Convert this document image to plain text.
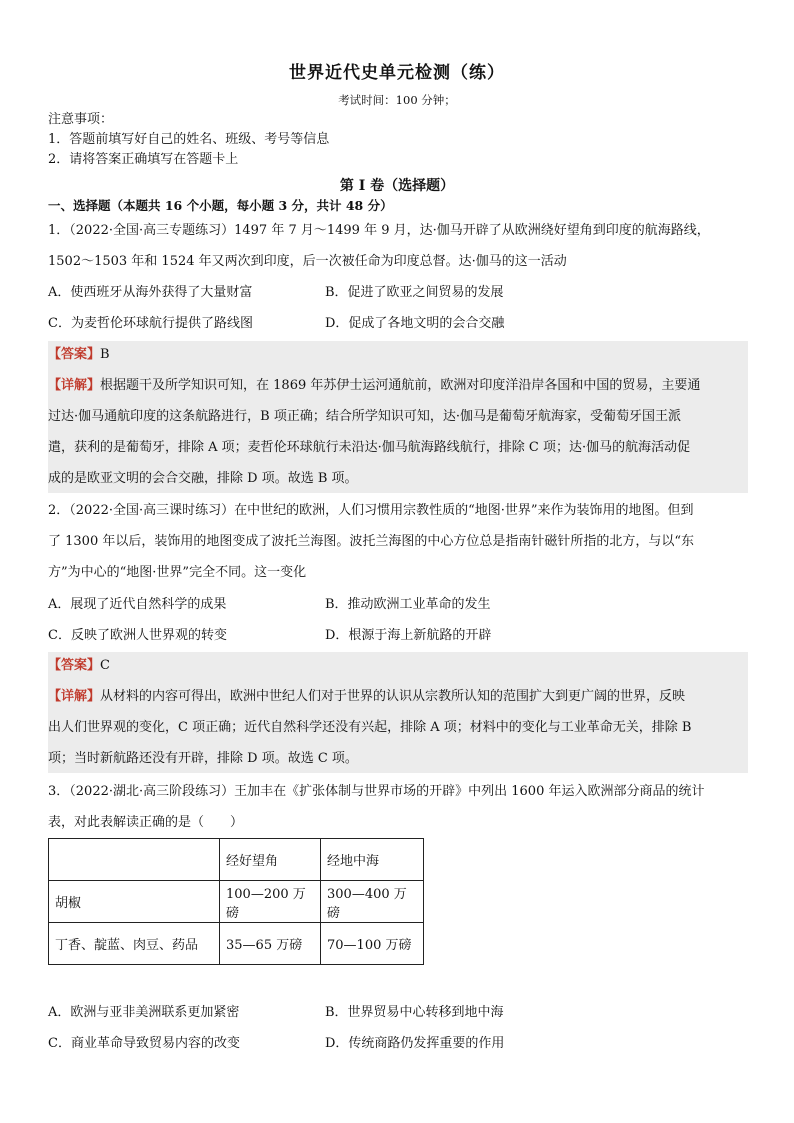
世界近代史单元检测（练）
考试时间：100 分钟；
注意事项：
1．答题前填写好自己的姓名、班级、考号等信息
2．请将答案正确填写在答题卡上
第 I 卷（选择题）
一、选择题（本题共 16 个小题，每小题 3 分，共计 48 分）
1．（2022·全国·高三专题练习）1497 年 7 月～1499 年 9 月，达·伽马开辟了从欧洲绕好望角到印度的航海路线，
1502～1503 年和 1524 年又两次到印度，后一次被任命为印度总督。达·伽马的这一活动
A．使西班牙从海外获得了大量财富	B．促进了欧亚之间贸易的发展
C．为麦哲伦环球航行提供了路线图	D．促成了各地文明的会合交融
【答案】B
【详解】根据题干及所学知识可知，在 1869 年苏伊士运河通航前，欧洲对印度洋沿岸各国和中国的贸易，主要通
过达·伽马通航印度的这条航路进行，B 项正确；结合所学知识可知，达·伽马是葡萄牙航海家，受葡萄牙国王派
遣，获利的是葡萄牙，排除 A 项；麦哲伦环球航行未沿达·伽马航海路线航行，排除 C 项；达·伽马的航海活动促
成的是欧亚文明的会合交融，排除 D 项。故选 B 项。
2．（2022·全国·高三课时练习）在中世纪的欧洲，人们习惯用宗教性质的“地图·世界”来作为装饰用的地图。但到
了 1300 年以后，装饰用的地图变成了波托兰海图。波托兰海图的中心方位总是指南针磁针所指的北方，与以“东
方”为中心的“地图·世界”完全不同。这一变化
A．展现了近代自然科学的成果	B．推动欧洲工业革命的发生
C．反映了欧洲人世界观的转变	D．根源于海上新航路的开辟
【答案】C
【详解】从材料的内容可得出，欧洲中世纪人们对于世界的认识从宗教所认知的范围扩大到更广阔的世界，反映
出人们世界观的变化，C 项正确；近代自然科学还没有兴起，排除 A 项；材料中的变化与工业革命无关，排除 B
项；当时新航路还没有开辟，排除 D 项。故选 C 项。
3．（2022·湖北·高三阶段练习）王加丰在《扩张体制与世界市场的开辟》中列出 1600 年运入欧洲部分商品的统计
表，对此表解读正确的是（　　）
	经好望角	经地中海
胡椒	100—200 万磅	300—400 万磅
丁香、靛蓝、肉豆、药品	35—65 万磅	70—100 万磅
A．欧洲与亚非美洲联系更加紧密	B．世界贸易中心转移到地中海
C．商业革命导致贸易内容的改变	D．传统商路仍发挥重要的作用
